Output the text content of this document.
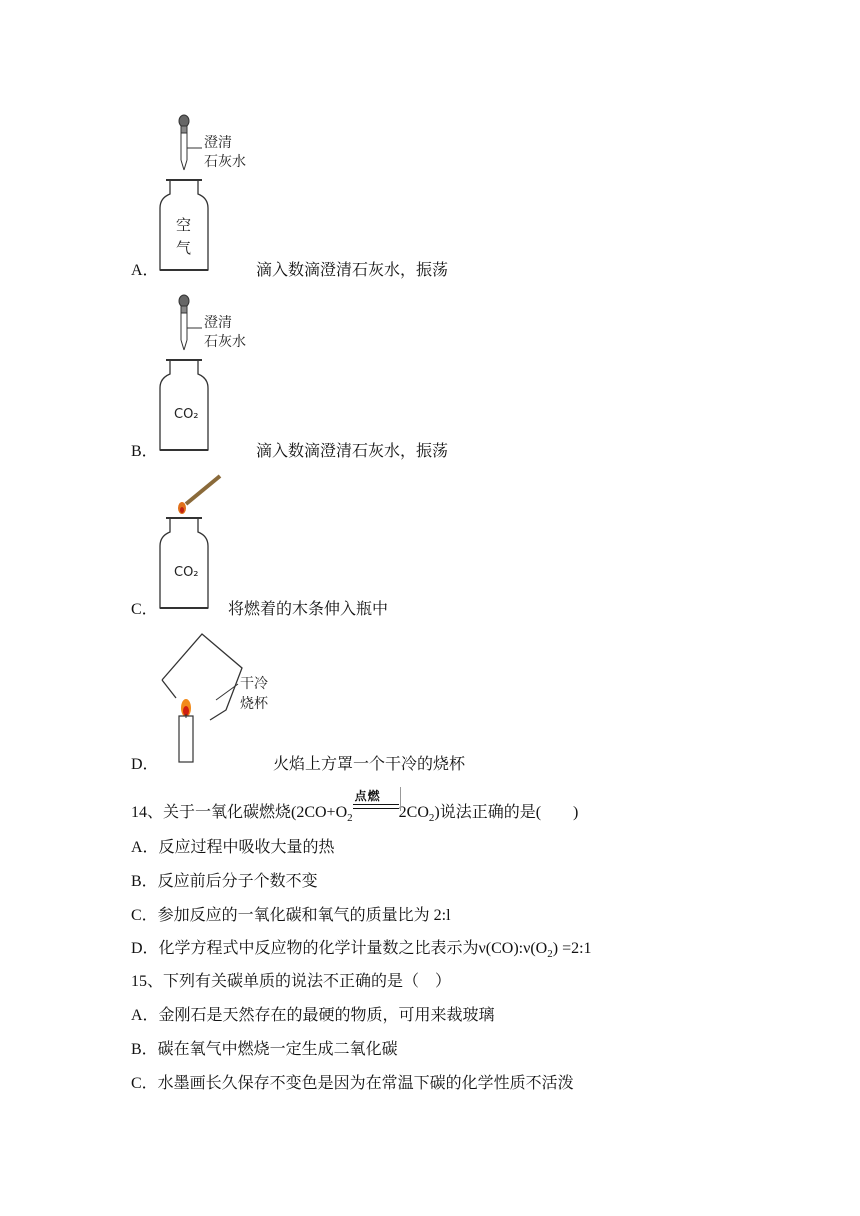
澄清
石灰水
空
气
A．	滴入数滴澄清石灰水，振荡
澄清
石灰水
CO₂
B．	滴入数滴澄清石灰水，振荡
CO₂
C．	将燃着的木条伸入瓶中
干冷
烧杯
D．	火焰上方罩一个干冷的烧杯
14、关于一氧化碳燃烧($2CO+O_2$
点燃
$2CO_2$)说法正确的是(　　)
A．反应过程中吸收大量的热
B．反应前后分子个数不变
C．参加反应的一氧化碳和氧气的质量比为 2:l
D．化学方程式中反应物的化学计量数之比表示为$\nu(CO):\nu(O_2)$ =2:1
15、下列有关碳单质的说法不正确的是（　）
A．金刚石是天然存在的最硬的物质，可用来裁玻璃
B．碳在氧气中燃烧一定生成二氧化碳
C．水墨画长久保存不变色是因为在常温下碳的化学性质不活泼
